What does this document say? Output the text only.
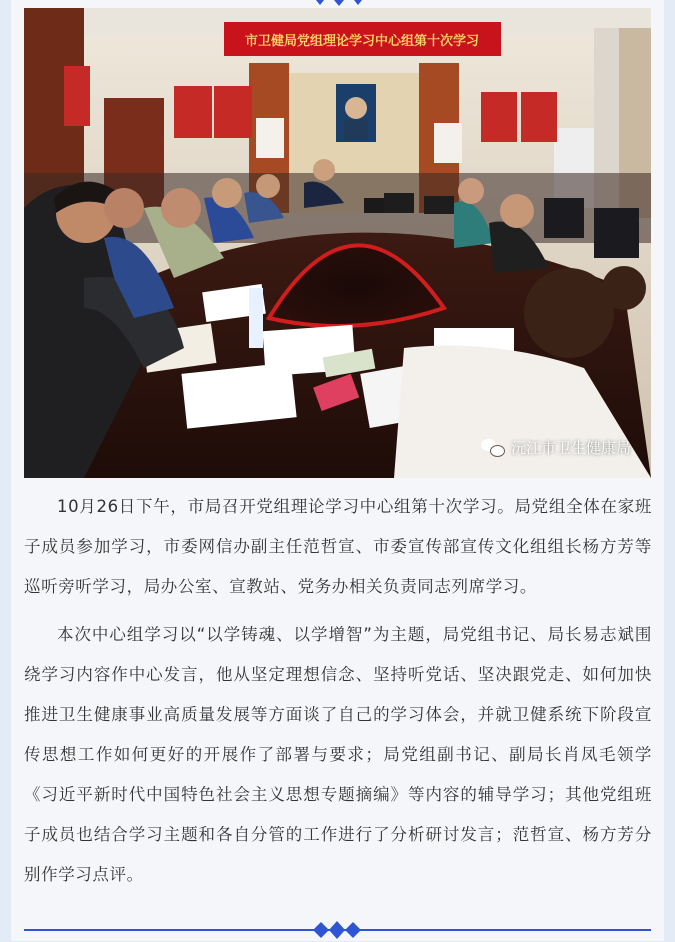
市卫健局党组理论学习中心组第十次学习
沅江市卫生健康局

10月26日下午，市局召开党组理论学习中心组第十次学习。局党组全体在家班子成员参加学习，市委网信办副主任范哲宣、市委宣传部宣传文化组组长杨方芳等巡听旁听学习，局办公室、宣教站、党务办相关负责同志列席学习。

本次中心组学习以“以学铸魂、以学增智”为主题，局党组书记、局长易志斌围绕学习内容作中心发言，他从坚定理想信念、坚持听党话、坚决跟党走、如何加快推进卫生健康事业高质量发展等方面谈了自己的学习体会，并就卫健系统下阶段宣传思想工作如何更好的开展作了部署与要求；局党组副书记、副局长肖凤毛领学《习近平新时代中国特色社会主义思想专题摘编》等内容的辅导学习；其他党组班子成员也结合学习主题和各自分管的工作进行了分析研讨发言；范哲宣、杨方芳分别作学习点评。
